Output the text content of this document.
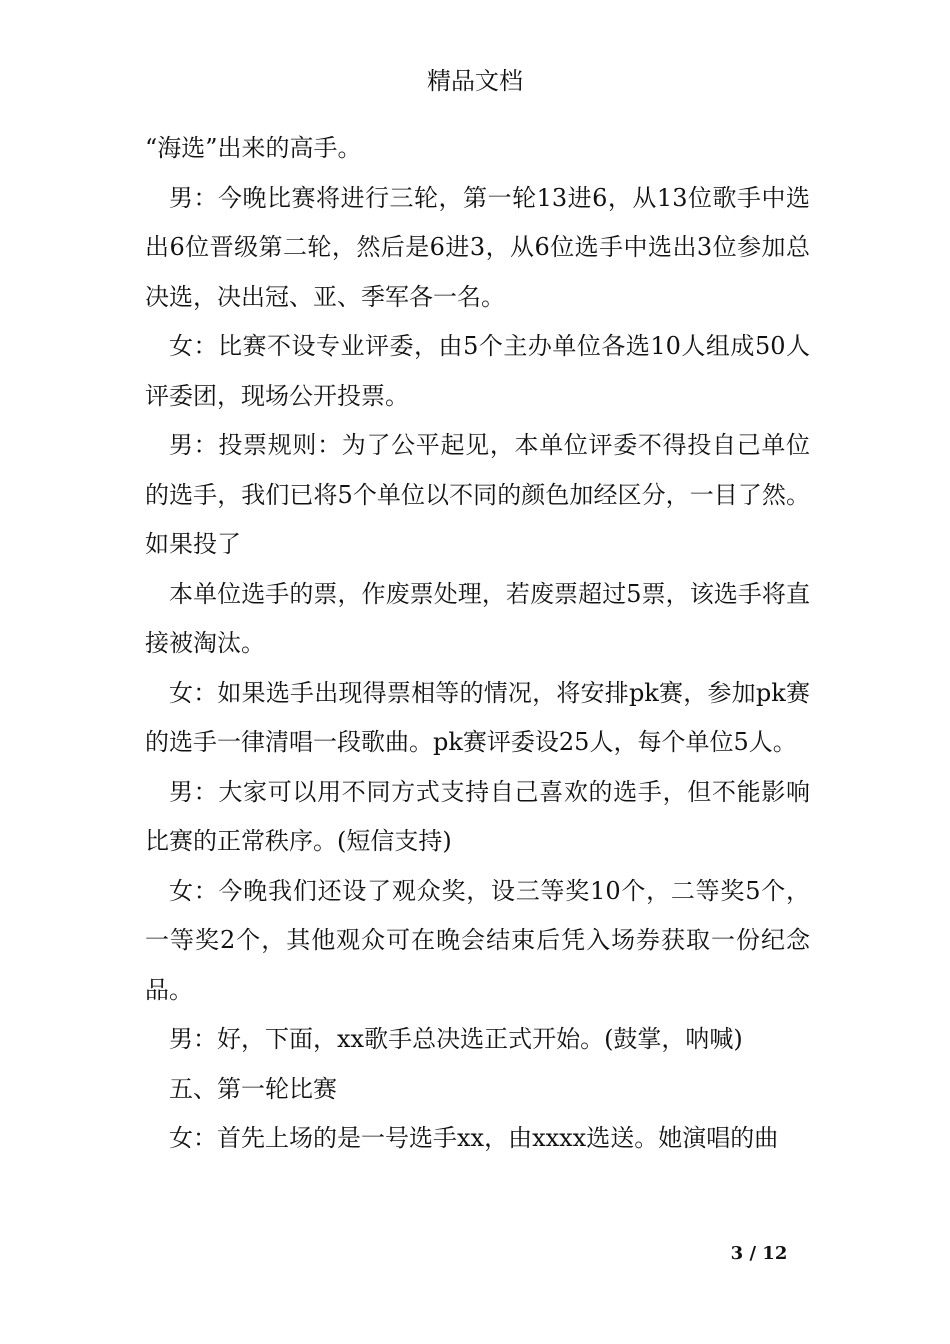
精品文档

“海选”出来的高手。

男：今晚比赛将进行三轮，第一轮13进6，从13位歌手中选出6位晋级第二轮，然后是6进3，从6位选手中选出3位参加总决选，决出冠、亚、季军各一名。

女：比赛不设专业评委，由5个主办单位各选10人组成50人评委团，现场公开投票。

男：投票规则：为了公平起见，本单位评委不得投自己单位的选手，我们已将5个单位以不同的颜色加经区分，一目了然。如果投了

本单位选手的票，作废票处理，若废票超过5票，该选手将直接被淘汰。

女：如果选手出现得票相等的情况，将安排pk赛，参加pk赛的选手一律清唱一段歌曲。pk赛评委设25人，每个单位5人。

男：大家可以用不同方式支持自己喜欢的选手，但不能影响比赛的正常秩序。(短信支持)

女：今晚我们还设了观众奖，设三等奖10个，二等奖5个，一等奖2个，其他观众可在晚会结束后凭入场券获取一份纪念品。

男：好，下面，xx歌手总决选正式开始。(鼓掌，呐喊)

五、第一轮比赛

女：首先上场的是一号选手xx，由xxxx选送。她演唱的曲

3 / 12
